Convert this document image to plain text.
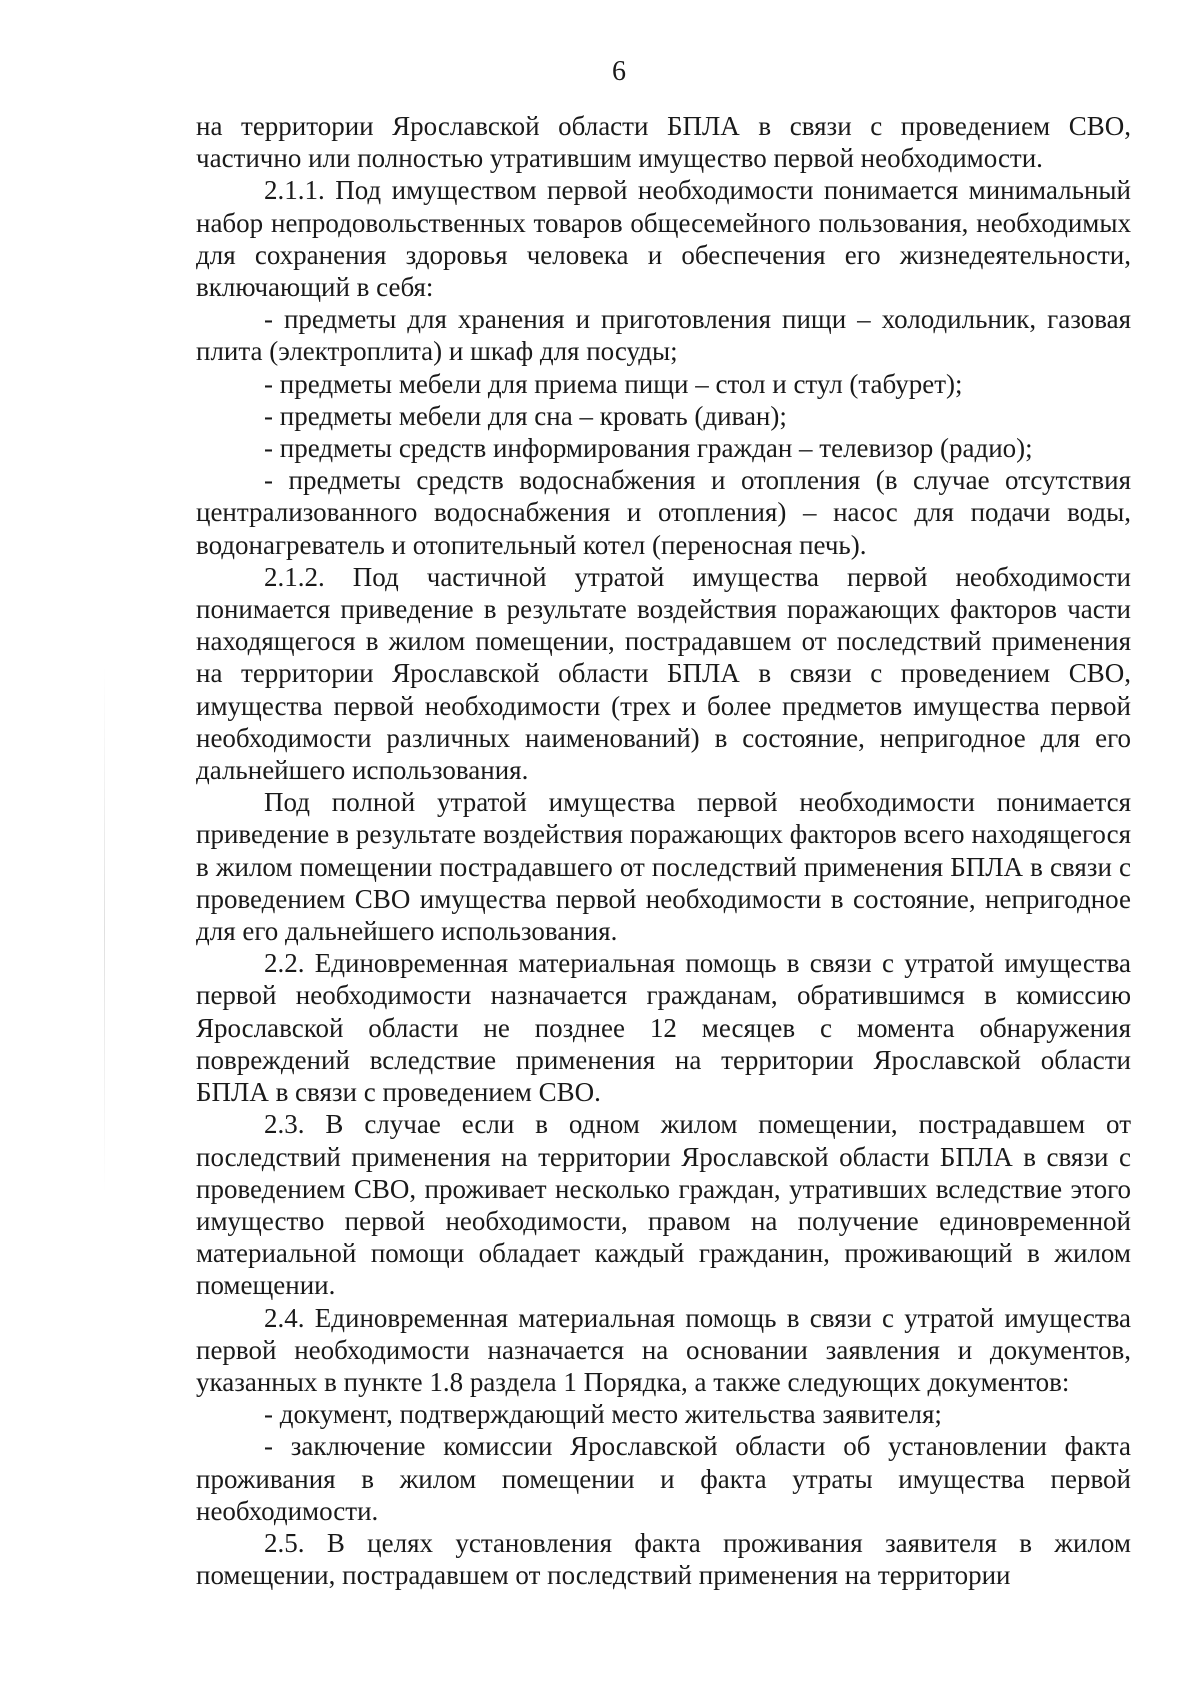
6

на территории Ярославской области БПЛА в связи с проведением СВО, частично или полностью утратившим имущество первой необходимости.

2.1.1. Под имуществом первой необходимости понимается минимальный набор непродовольственных товаров общесемейного пользования, необходимых для сохранения здоровья человека и обеспечения его жизнедеятельности, включающий в себя:

- предметы для хранения и приготовления пищи – холодильник, газовая плита (электроплита) и шкаф для посуды;

- предметы мебели для приема пищи – стол и стул (табурет);

- предметы мебели для сна – кровать (диван);

- предметы средств информирования граждан – телевизор (радио);

- предметы средств водоснабжения и отопления (в случае отсутствия централизованного водоснабжения и отопления) – насос для подачи воды, водонагреватель и отопительный котел (переносная печь).

2.1.2. Под частичной утратой имущества первой необходимости понимается приведение в результате воздействия поражающих факторов части находящегося в жилом помещении, пострадавшем от последствий применения на территории Ярославской области БПЛА в связи с проведением СВО, имущества первой необходимости (трех и более предметов имущества первой необходимости различных наименований) в состояние, непригодное для его дальнейшего использования.

Под полной утратой имущества первой необходимости понимается приведение в результате воздействия поражающих факторов всего находящегося в жилом помещении пострадавшего от последствий применения БПЛА в связи с проведением СВО имущества первой необходимости в состояние, непригодное для его дальнейшего использования.

2.2. Единовременная материальная помощь в связи с утратой имущества первой необходимости назначается гражданам, обратившимся в комиссию Ярославской области не позднее 12 месяцев с момента обнаружения повреждений вследствие применения на территории Ярославской области БПЛА в связи с проведением СВО.

2.3. В случае если в одном жилом помещении, пострадавшем от последствий применения на территории Ярославской области БПЛА в связи с проведением СВО, проживает несколько граждан, утративших вследствие этого имущество первой необходимости, правом на получение единовременной материальной помощи обладает каждый гражданин, проживающий в жилом помещении.

2.4. Единовременная материальная помощь в связи с утратой имущества первой необходимости назначается на основании заявления и документов, указанных в пункте 1.8 раздела 1 Порядка, а также следующих документов:

- документ, подтверждающий место жительства заявителя;

- заключение комиссии Ярославской области об установлении факта проживания в жилом помещении и факта утраты имущества первой необходимости.

2.5. В целях установления факта проживания заявителя в жилом помещении, пострадавшем от последствий применения на территории
